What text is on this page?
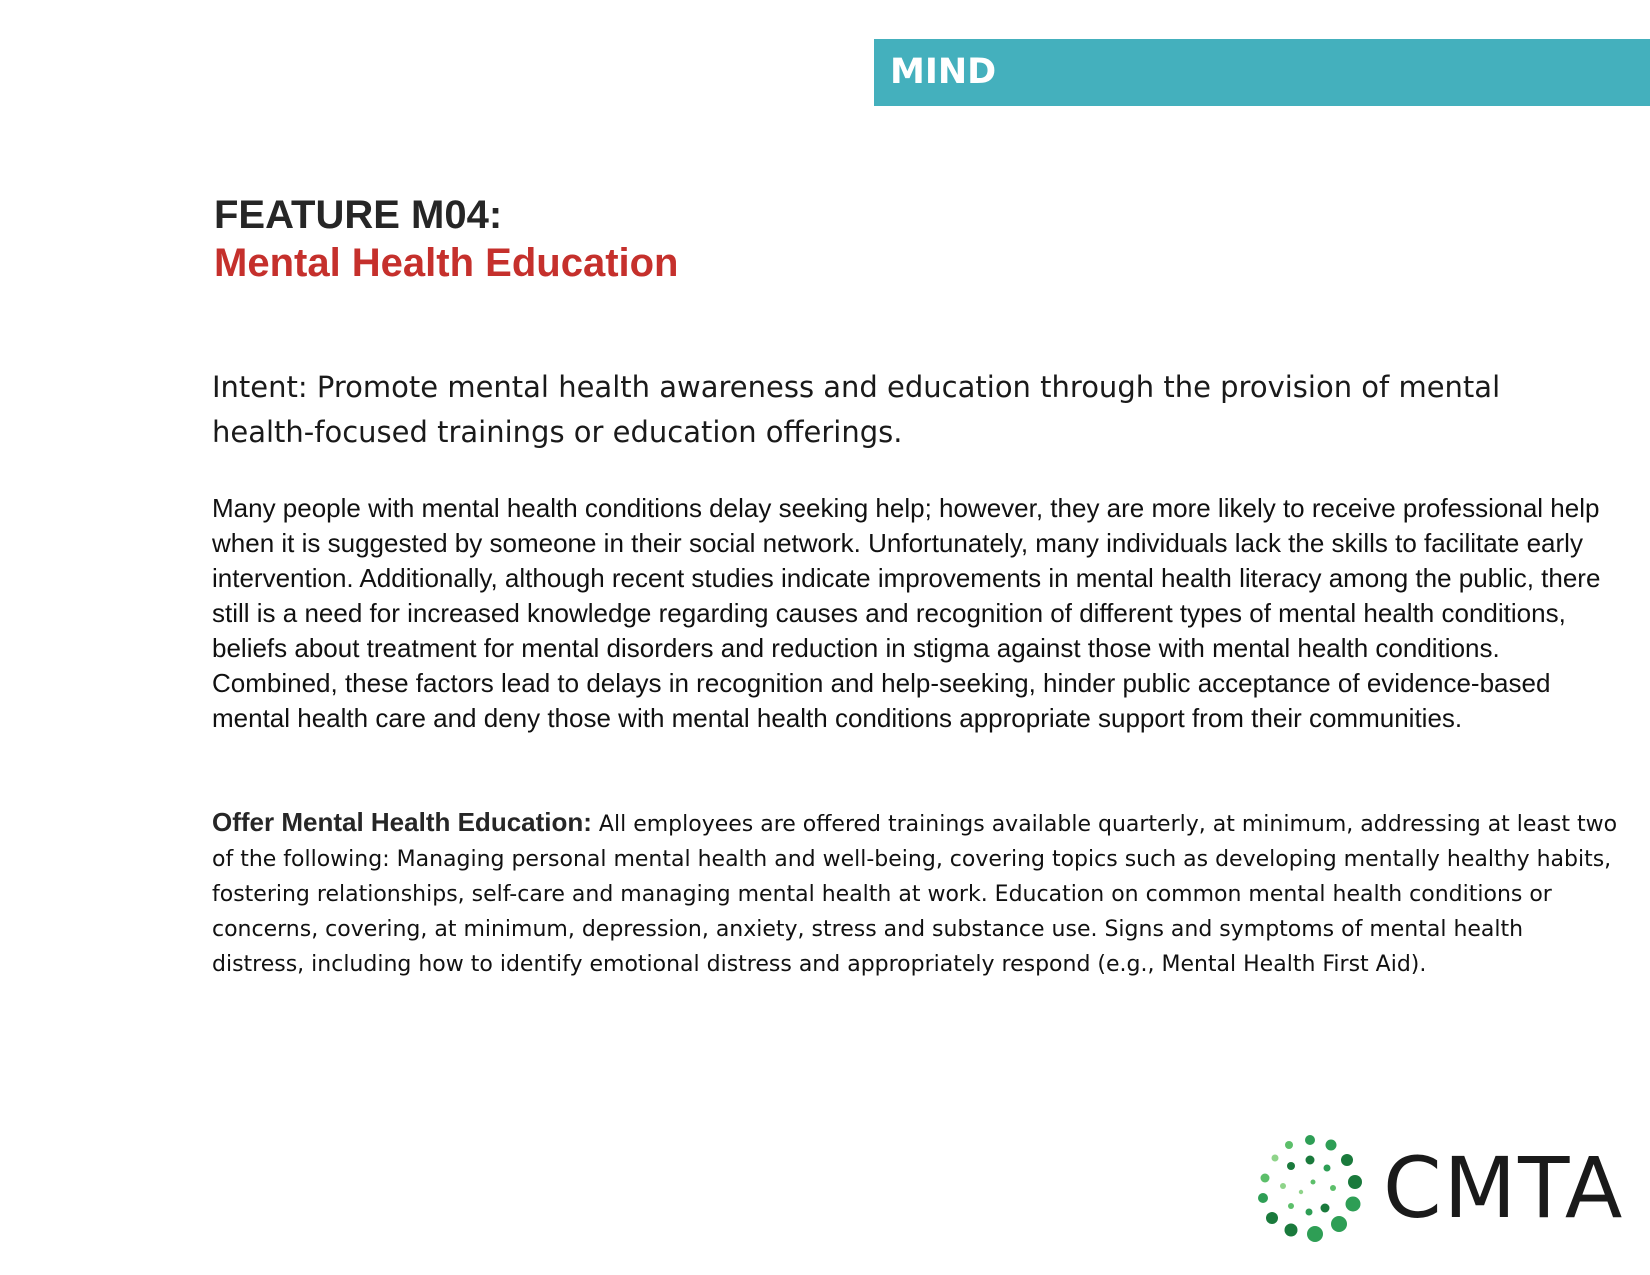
MIND
FEATURE M04:
Mental Health Education

Intent: Promote mental health awareness and education through the provision of mental health-focused trainings or education offerings.

Many people with mental health conditions delay seeking help; however, they are more likely to receive professional help when it is suggested by someone in their social network. Unfortunately, many individuals lack the skills to facilitate early intervention. Additionally, although recent studies indicate improvements in mental health literacy among the public, there still is a need for increased knowledge regarding causes and recognition of different types of mental health conditions, beliefs about treatment for mental disorders and reduction in stigma against those with mental health conditions. Combined, these factors lead to delays in recognition and help-seeking, hinder public acceptance of evidence-based mental health care and deny those with mental health conditions appropriate support from their communities.

Offer Mental Health Education: All employees are offered trainings available quarterly, at minimum, addressing at least two of the following: Managing personal mental health and well-being, covering topics such as developing mentally healthy habits, fostering relationships, self-care and managing mental health at work. Education on common mental health conditions or concerns, covering, at minimum, depression, anxiety, stress and substance use. Signs and symptoms of mental health distress, including how to identify emotional distress and appropriately respond (e.g., Mental Health First Aid).

CMTA
